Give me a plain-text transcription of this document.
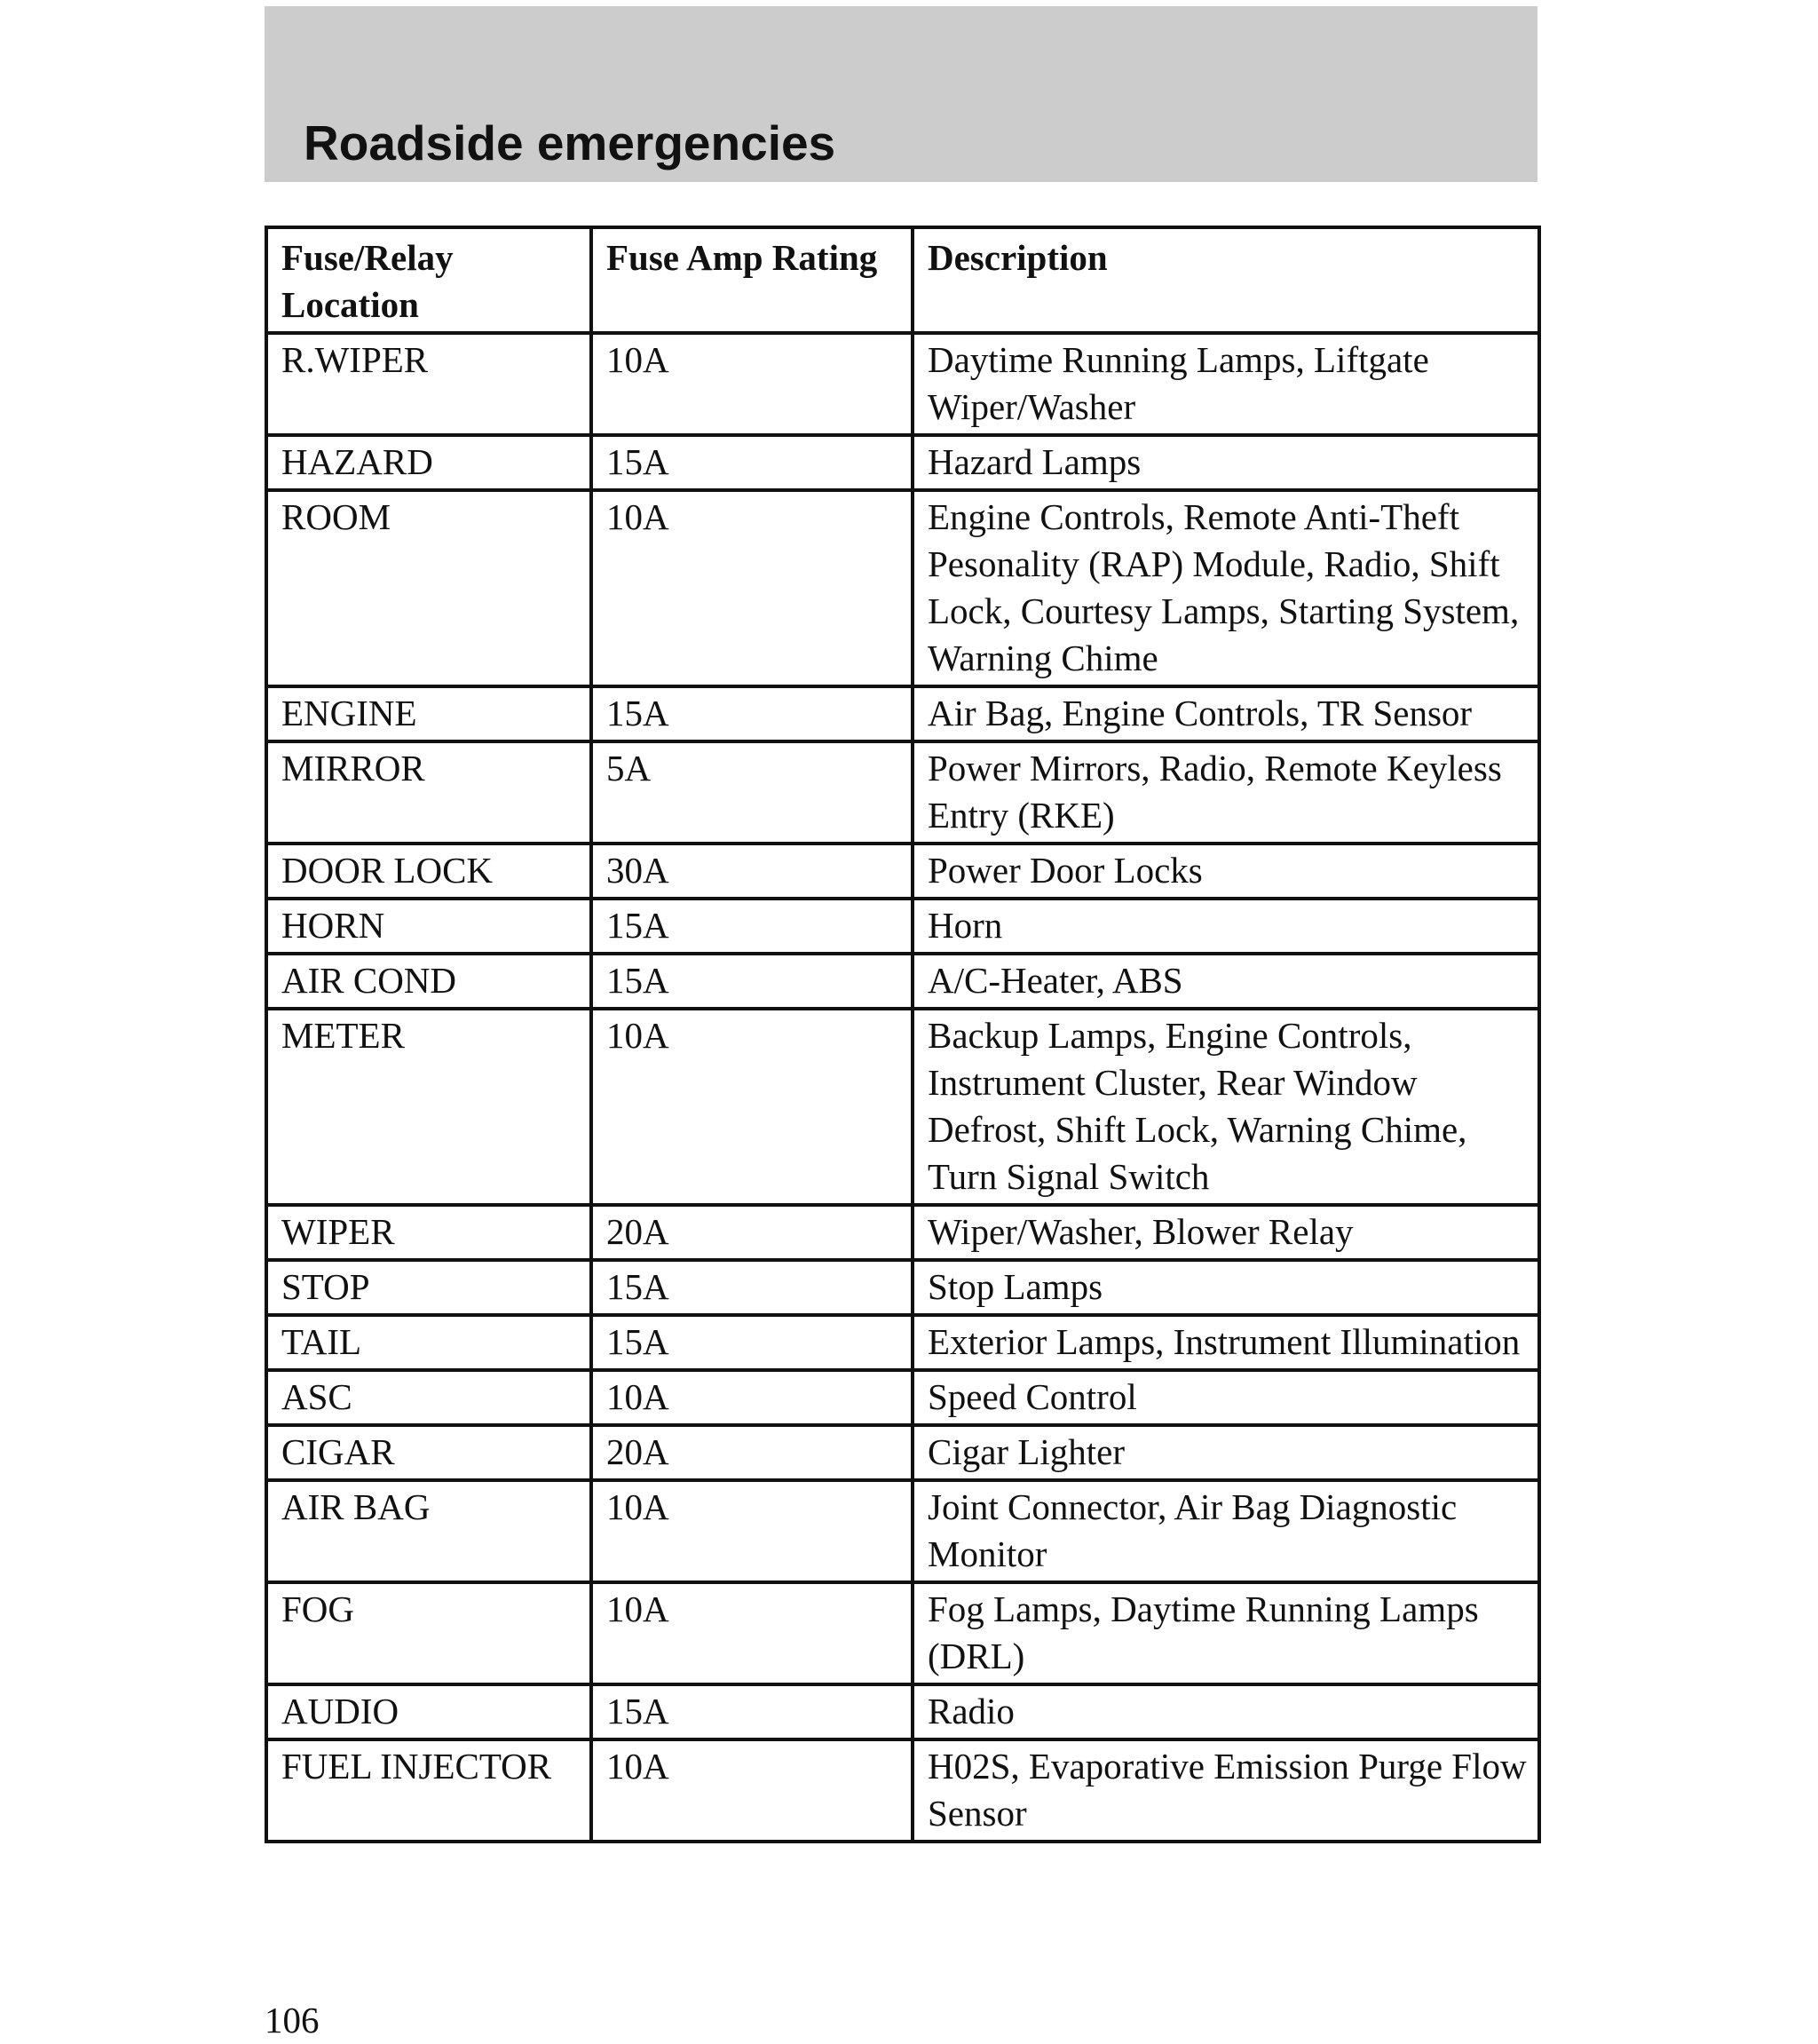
Roadside emergencies
Fuse/Relay Location	Fuse Amp Rating	Description
R.WIPER	10A	Daytime Running Lamps, Liftgate Wiper/Washer
HAZARD	15A	Hazard Lamps
ROOM	10A	Engine Controls, Remote Anti-Theft Pesonality (RAP) Module, Radio, Shift Lock, Courtesy Lamps, Starting System, Warning Chime
ENGINE	15A	Air Bag, Engine Controls, TR Sensor
MIRROR	5A	Power Mirrors, Radio, Remote Keyless Entry (RKE)
DOOR LOCK	30A	Power Door Locks
HORN	15A	Horn
AIR COND	15A	A/C-Heater, ABS
METER	10A	Backup Lamps, Engine Controls, Instrument Cluster, Rear Window Defrost, Shift Lock, Warning Chime, Turn Signal Switch
WIPER	20A	Wiper/Washer, Blower Relay
STOP	15A	Stop Lamps
TAIL	15A	Exterior Lamps, Instrument Illumination
ASC	10A	Speed Control
CIGAR	20A	Cigar Lighter
AIR BAG	10A	Joint Connector, Air Bag Diagnostic Monitor
FOG	10A	Fog Lamps, Daytime Running Lamps (DRL)
AUDIO	15A	Radio
FUEL INJECTOR	10A	H02S, Evaporative Emission Purge Flow Sensor
106
